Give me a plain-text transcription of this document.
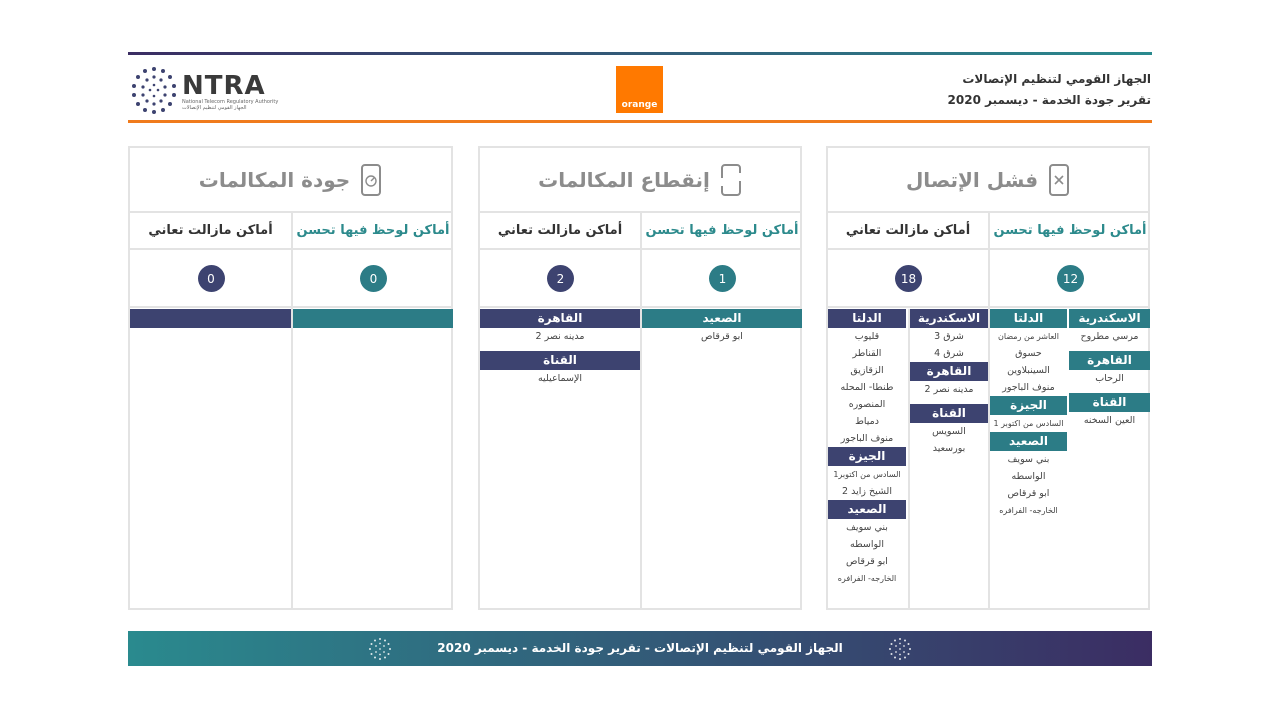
NTRA
National Telecom Regulatory Authority
الجهاز القومي لتنظيم الإتصالات	orange
الجهاز القومي لتنظيم الإتصالات
تقرير جودة الخدمة - ديسمبر 2020
فشل الإتصال
أماكن لوحظ فيها تحسن
12
الاسكندرية
مرسي مطروح
القاهرة
الرحاب
القناة
العين السخنه
الدلتا
العاشر من رمضان
حسوق
السينبلاوين
منوف الباجور
الجيزة
السادس من اكتوبر 1
الصعيد
بني سويف
الواسطه
ابو قرقاص
الخارجه- الفرافره
أماكن مازالت تعاني
18
الاسكندرية
شرق 3
شرق 4
القاهرة
مدينه نصر 2
القناة
السويس
بورسعيد
الدلتا
قليوب
القناطر
الزقازيق
طنطا- المحله
المنصوره
دمياط
منوف الباجور
الجيزة
السادس من اكتوبر1
الشيخ زايد 2
الصعيد
بني سويف
الواسطه
ابو قرقاص
الخارجه- الفرافره
إنقطاع المكالمات
أماكن لوحظ فيها تحسن
1
الصعيد
ابو قرقاص
أماكن مازالت تعاني
2
القاهرة
مدينه نصر 2
القناة
الإسماعيليه
جودة المكالمات
أماكن لوحظ فيها تحسن
0
أماكن مازالت تعاني
0
الجهاز القومي لتنظيم الإتصالات - تقرير جودة الخدمة - ديسمبر 2020
